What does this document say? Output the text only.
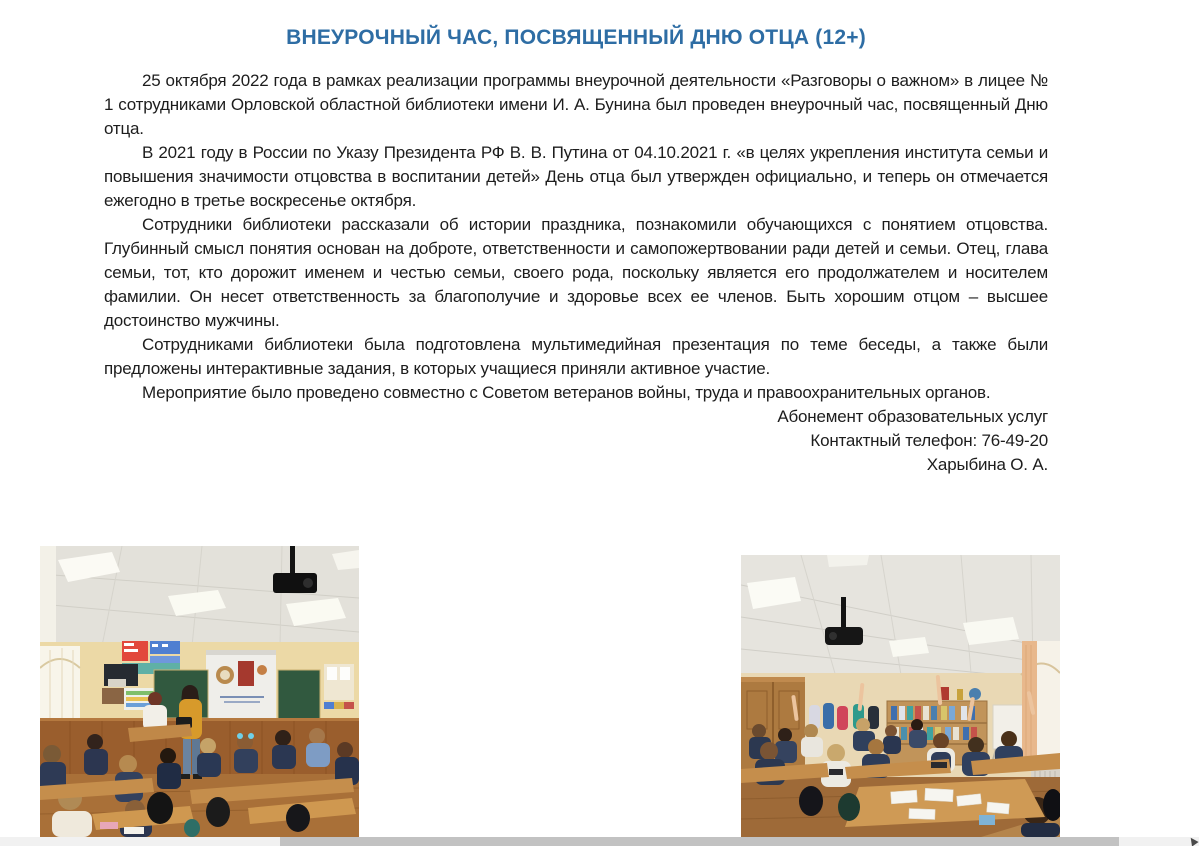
ВНЕУРОЧНЫЙ ЧАС, ПОСВЯЩЕННЫЙ ДНЮ ОТЦА (12+)

25 октября 2022 года в рамках реализации программы внеурочной деятельности «Разговоры о важном» в лицее № 1 сотрудниками Орловской областной библиотеки имени И. А. Бунина был проведен внеурочный час, посвященный Дню отца.

В 2021 году в России по Указу Президента РФ В. В. Путина от 04.10.2021 г. «в целях укрепления института семьи и повышения значимости отцовства в воспитании детей» День отца был утвержден официально, и теперь он отмечается ежегодно в третье воскресенье октября.

Сотрудники библиотеки рассказали об истории праздника, познакомили обучающихся с понятием отцовства. Глубинный смысл понятия основан на доброте, ответственности и самопожертвовании ради детей и семьи. Отец, глава семьи, тот, кто дорожит именем и честью семьи, своего рода, поскольку является его продолжателем и носителем фамилии. Он несет ответственность за благополучие и здоровье всех ее членов. Быть хорошим отцом – высшее достоинство мужчины.

Сотрудниками библиотеки была подготовлена мультимедийная презентация по теме беседы, а также были предложены интерактивные задания, в которых учащиеся приняли активное участие.

Мероприятие было проведено совместно с Советом ветеранов войны, труда и правоохранительных органов.

Абонемент образовательных услуг
Контактный телефон: 76-49-20
Харыбина О. А.
